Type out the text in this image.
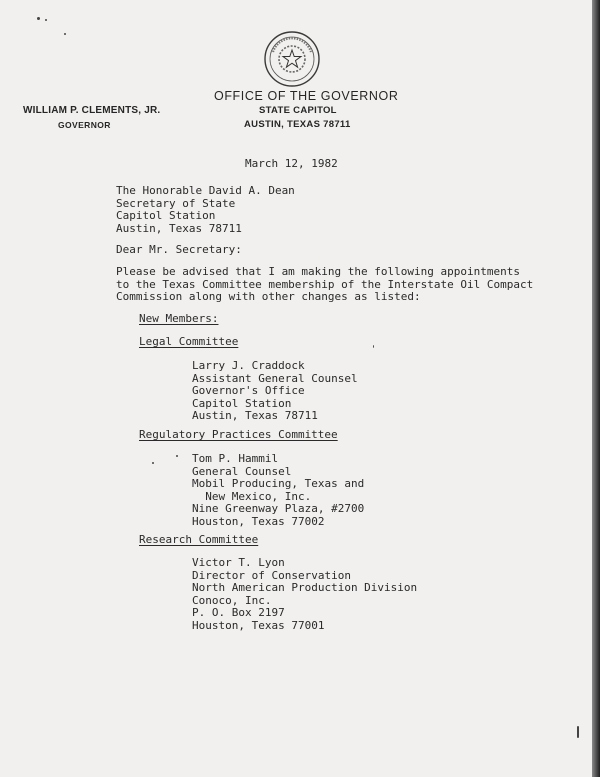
WILLIAM P. CLEMENTS, JR.
GOVERNOR
OFFICE OF THE GOVERNOR
STATE CAPITOL
AUSTIN, TEXAS 78711
March 12, 1982
The Honorable David A. Dean
Secretary of State
Capitol Station
Austin, Texas 78711
Dear Mr. Secretary:
Please be advised that I am making the following appointments
to the Texas Committee membership of the Interstate Oil Compact
Commission along with other changes as listed:
New Members:
Legal Committee
Larry J. Craddock
Assistant General Counsel
Governor's Office
Capitol Station
Austin, Texas 78711
Regulatory Practices Committee
Tom P. Hammil
General Counsel
Mobil Producing, Texas and
New Mexico, Inc.
Nine Greenway Plaza, #2700
Houston, Texas 77002
Research Committee
Victor T. Lyon
Director of Conservation
North American Production Division
Conoco, Inc.
P. O. Box 2197
Houston, Texas 77001
